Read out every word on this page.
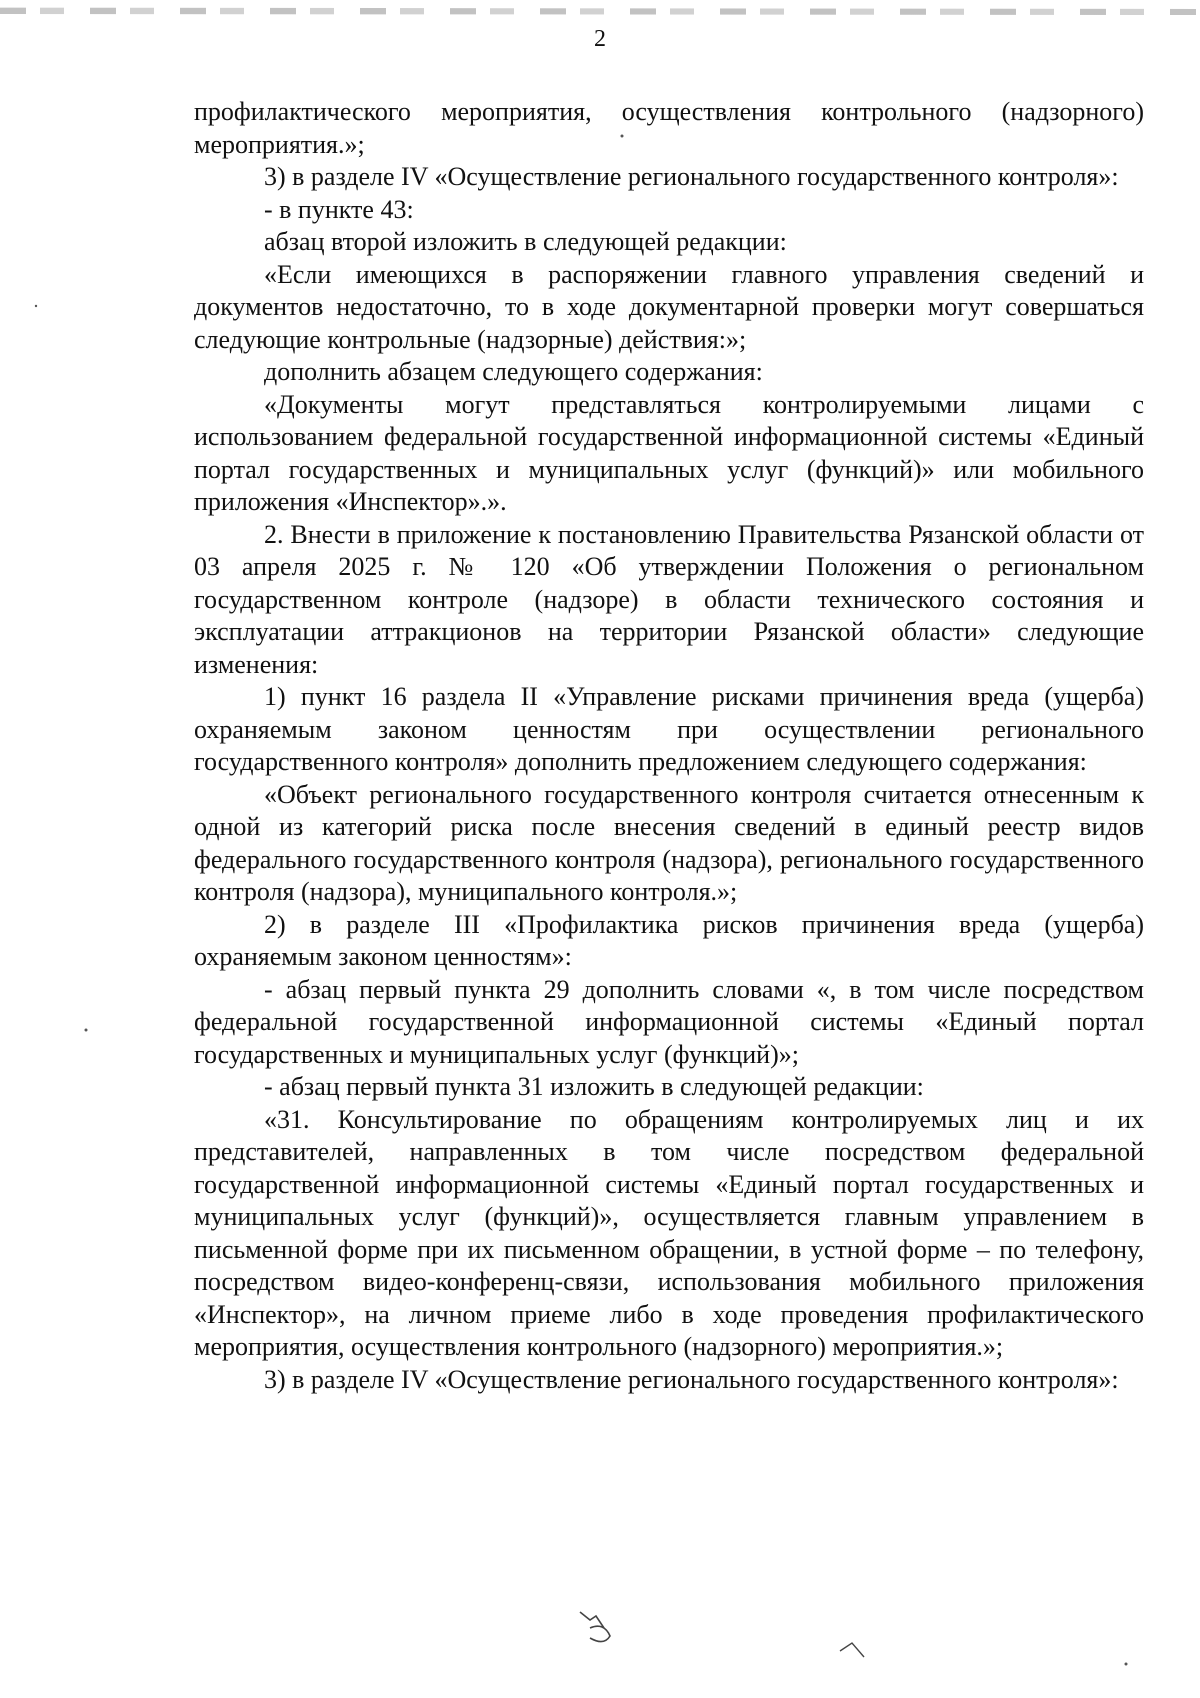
2

профилактического мероприятия, осуществления контрольного (надзорного) мероприятия.»;

3) в разделе IV «Осуществление регионального государственного контроля»:

- в пункте 43:

абзац второй изложить в следующей редакции:

«Если имеющихся в распоряжении главного управления сведений и документов недостаточно, то в ходе документарной проверки могут совершаться следующие контрольные (надзорные) действия:»;

дополнить абзацем следующего содержания:

«Документы могут представляться контролируемыми лицами с использованием федеральной государственной информационной системы «Единый портал государственных и муниципальных услуг (функций)» или мобильного приложения «Инспектор».».

2. Внести в приложение к постановлению Правительства Рязанской области от 03 апреля 2025 г. № 120 «Об утверждении Положения о региональном государственном контроле (надзоре) в области технического состояния и эксплуатации аттракционов на территории Рязанской области» следующие изменения:

1) пункт 16 раздела II «Управление рисками причинения вреда (ущерба) охраняемым законом ценностям при осуществлении регионального государственного контроля» дополнить предложением следующего содержания:

«Объект регионального государственного контроля считается отнесенным к одной из категорий риска после внесения сведений в единый реестр видов федерального государственного контроля (надзора), регионального государственного контроля (надзора), муниципального контроля.»;

2) в разделе III «Профилактика рисков причинения вреда (ущерба) охраняемым законом ценностям»:

- абзац первый пункта 29 дополнить словами «, в том числе посредством федеральной государственной информационной системы «Единый портал государственных и муниципальных услуг (функций)»;

- абзац первый пункта 31 изложить в следующей редакции:

«31. Консультирование по обращениям контролируемых лиц и их представителей, направленных в том числе посредством федеральной государственной информационной системы «Единый портал государственных и муниципальных услуг (функций)», осуществляется главным управлением в письменной форме при их письменном обращении, в устной форме – по телефону, посредством видео-конференц-связи, использования мобильного приложения «Инспектор», на личном приеме либо в ходе проведения профилактического мероприятия, осуществления контрольного (надзорного) мероприятия.»;

3) в разделе IV «Осуществление регионального государственного контроля»:
